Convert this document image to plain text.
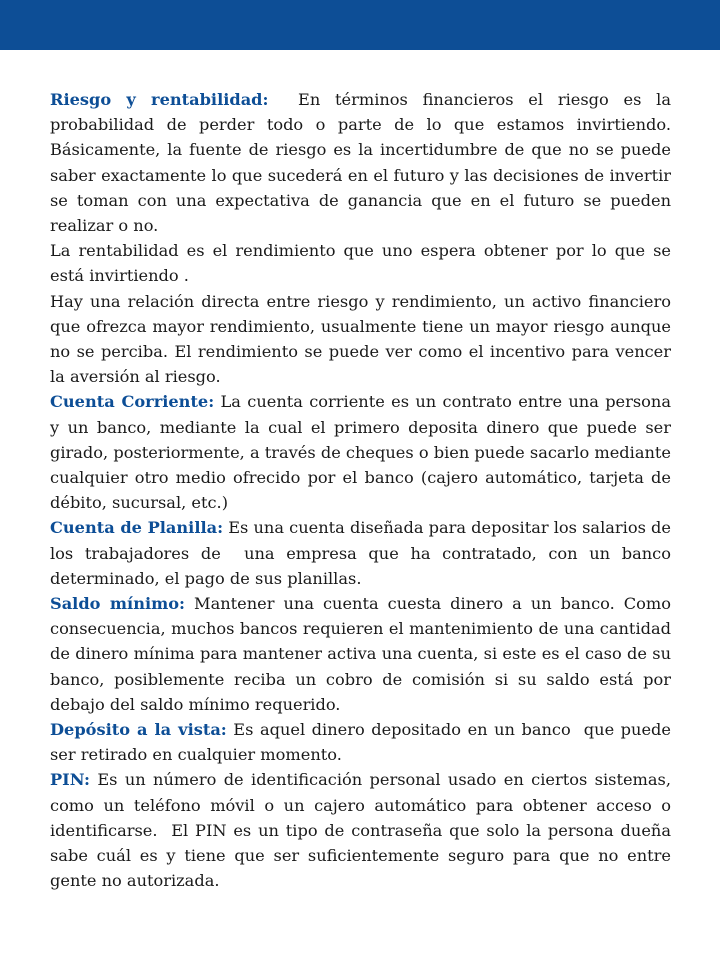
Riesgo y rentabilidad:  En términos financieros el riesgo es la probabilidad de perder todo o parte de lo que estamos invirtiendo. Básicamente, la fuente de riesgo es la incertidumbre de que no se puede saber exactamente lo que sucederá en el futuro y las decisiones de invertir se toman con una expectativa de ganancia que en el futuro se pueden realizar o no.

La rentabilidad es el rendimiento que uno espera obtener por lo que se está invirtiendo .

Hay una relación directa entre riesgo y rendimiento, un activo financiero que ofrezca mayor rendimiento, usualmente tiene un mayor riesgo aunque no se perciba. El rendimiento se puede ver como el incentivo para vencer la aversión al riesgo.

Cuenta Corriente: La cuenta corriente es un contrato entre una persona y un banco, mediante la cual el primero deposita dinero que puede ser girado, posteriormente, a través de cheques o bien puede sacarlo mediante cualquier otro medio ofrecido por el banco (cajero automático, tarjeta de débito, sucursal, etc.)

Cuenta de Planilla: Es una cuenta diseñada para depositar los salarios de los trabajadores de  una empresa que ha contratado, con un banco determinado, el pago de sus planillas.

Saldo mínimo: Mantener una cuenta cuesta dinero a un banco. Como consecuencia, muchos bancos requieren el mantenimiento de una cantidad de dinero mínima para mantener activa una cuenta, si este es el caso de su banco, posiblemente reciba un cobro de comisión si su saldo está por debajo del saldo mínimo requerido.

Depósito a la vista: Es aquel dinero depositado en un banco  que puede ser retirado en cualquier momento.

PIN: Es un número de identificación personal usado en ciertos sistemas, como un teléfono móvil o un cajero automático para obtener acceso o identificarse.  El PIN es un tipo de contraseña que solo la persona dueña sabe cuál es y tiene que ser suficientemente seguro para que no entre gente no autorizada.
